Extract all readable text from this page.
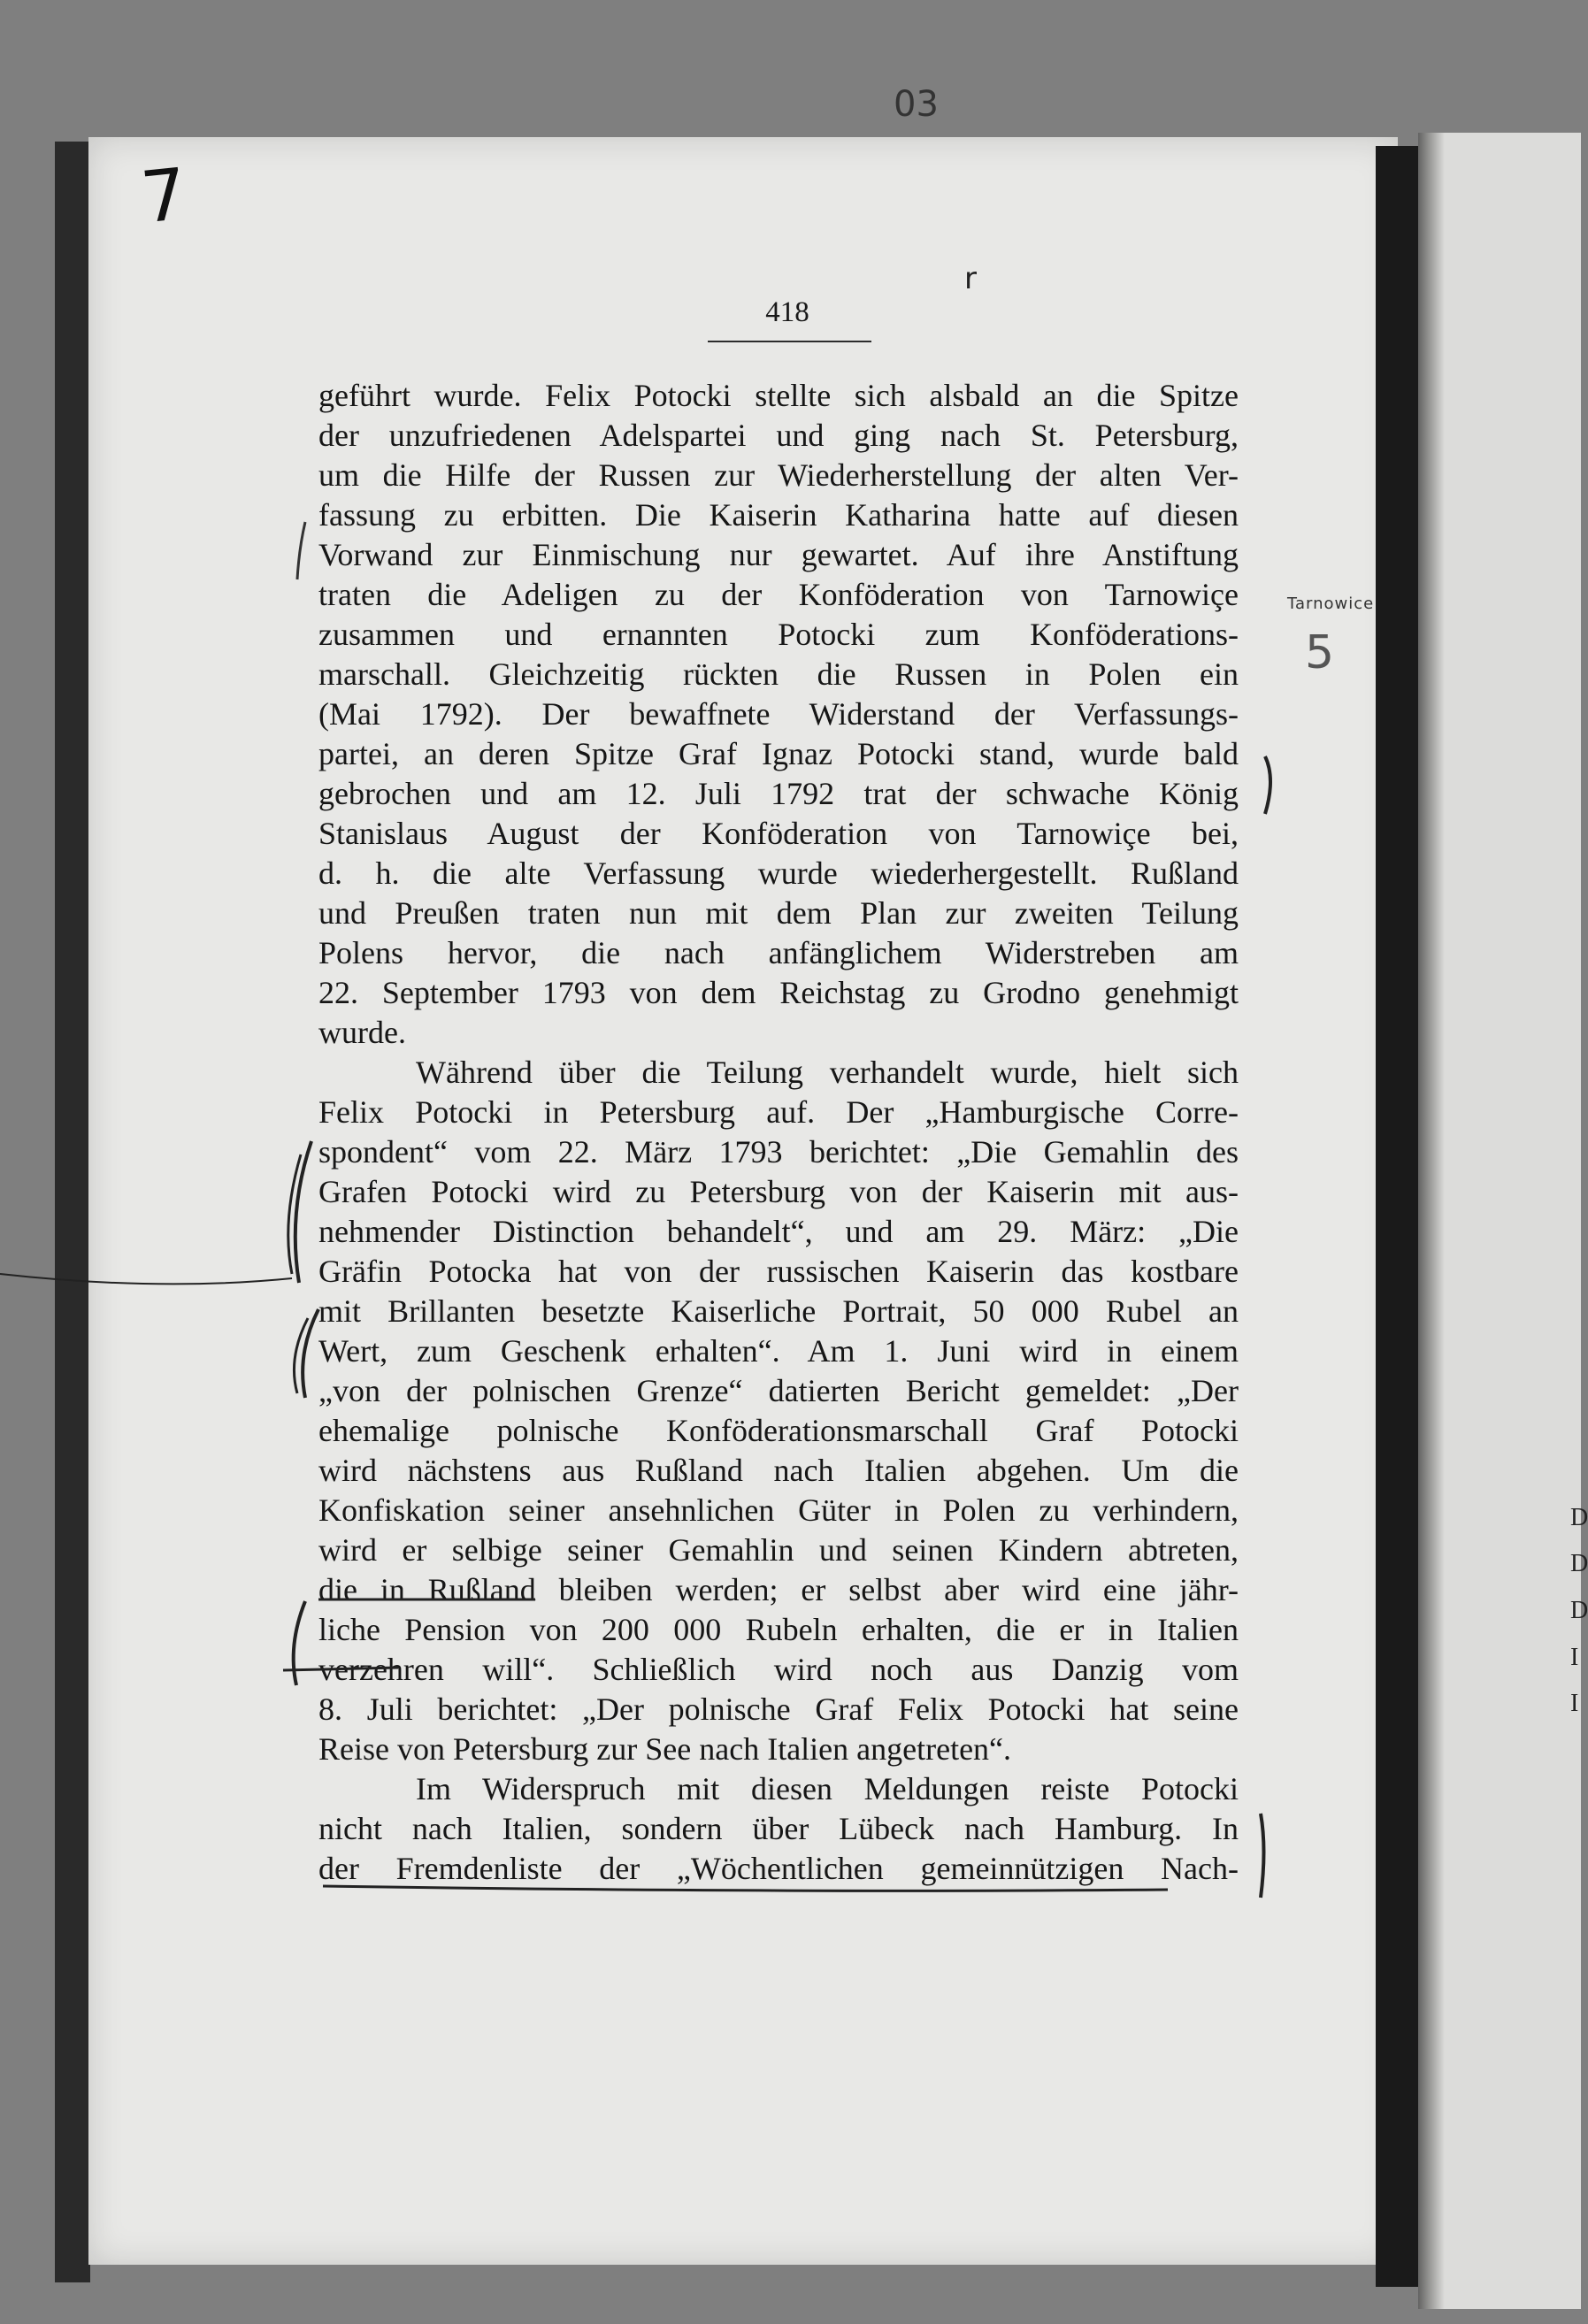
7
03
r
418
geführt wurde. Felix Potocki stellte sich alsbald an die Spitze
der unzufriedenen Adelspartei und ging nach St. Petersburg,
um die Hilfe der Russen zur Wiederherstellung der alten Ver-
fassung zu erbitten. Die Kaiserin Katharina hatte auf diesen
Vorwand zur Einmischung nur gewartet. Auf ihre Anstiftung
traten die Adeligen zu der Konföderation von Tarnowiçe
zusammen und ernannten Potocki zum Konföderations-
marschall. Gleichzeitig rückten die Russen in Polen ein
(Mai 1792). Der bewaffnete Widerstand der Verfassungs-
partei, an deren Spitze Graf Ignaz Potocki stand, wurde bald
gebrochen und am 12. Juli 1792 trat der schwache König
Stanislaus August der Konföderation von Tarnowiçe bei,
d. h. die alte Verfassung wurde wiederhergestellt. Rußland
und Preußen traten nun mit dem Plan zur zweiten Teilung
Polens hervor, die nach anfänglichem Widerstreben am
22. September 1793 von dem Reichstag zu Grodno genehmigt
wurde.
Während über die Teilung verhandelt wurde, hielt sich
Felix Potocki in Petersburg auf. Der „Hamburgische Corre-
spondent“ vom 22. März 1793 berichtet: „Die Gemahlin des
Grafen Potocki wird zu Petersburg von der Kaiserin mit aus-
nehmender Distinction behandelt“, und am 29. März: „Die
Gräfin Potocka hat von der russischen Kaiserin das kostbare
mit Brillanten besetzte Kaiserliche Portrait, 50 000 Rubel an
Wert, zum Geschenk erhalten“. Am 1. Juni wird in einem
„von der polnischen Grenze“ datierten Bericht gemeldet: „Der
ehemalige polnische Konföderationsmarschall Graf Potocki
wird nächstens aus Rußland nach Italien abgehen. Um die
Konfiskation seiner ansehnlichen Güter in Polen zu verhindern,
wird er selbige seiner Gemahlin und seinen Kindern abtreten,
die in Rußland bleiben werden; er selbst aber wird eine jähr-
liche Pension von 200 000 Rubeln erhalten, die er in Italien
verzehren will“. Schließlich wird noch aus Danzig vom
8. Juli berichtet: „Der polnische Graf Felix Potocki hat seine
Reise von Petersburg zur See nach Italien angetreten“.
Im Widerspruch mit diesen Meldungen reiste Potocki
nicht nach Italien, sondern über Lübeck nach Hamburg. In
der Fremdenliste der „Wöchentlichen gemeinnützigen Nach-
Tarnowice
5
D
D
D
I
I
